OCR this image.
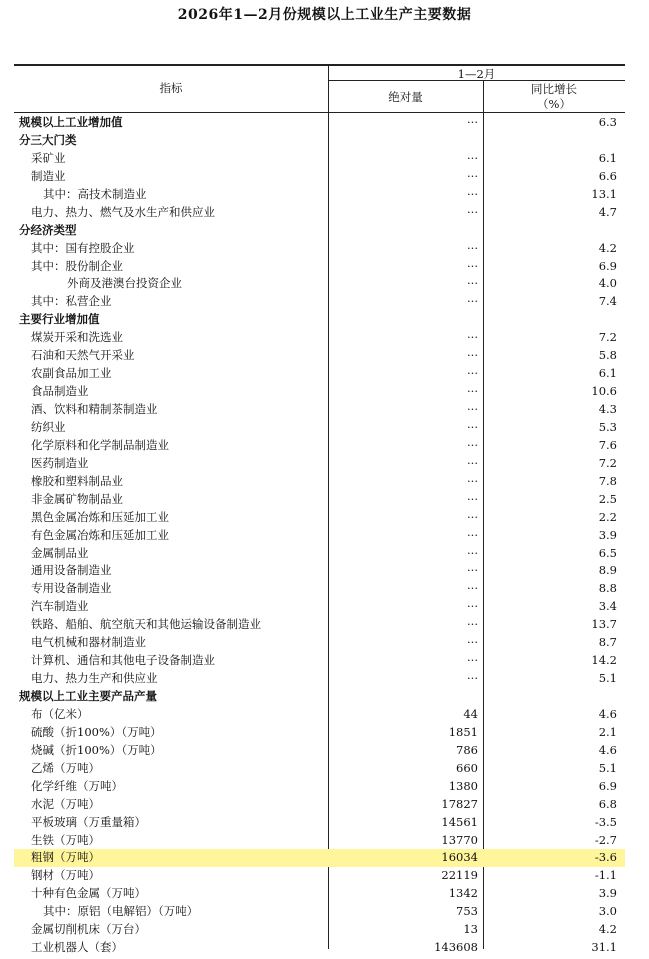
2026年1—2月份规模以上工业生产主要数据
指标
1—2月
绝对量
同比增长
（%）
规模以上工业增加值	···	6.3
分三大门类
采矿业	···	6.1
制造业	···	6.6
其中：高技术制造业	···	13.1
电力、热力、燃气及水生产和供应业	···	4.7
分经济类型
其中：国有控股企业	···	4.2
其中：股份制企业	···	6.9
外商及港澳台投资企业	···	4.0
其中：私营企业	···	7.4
主要行业增加值
煤炭开采和洗选业	···	7.2
石油和天然气开采业	···	5.8
农副食品加工业	···	6.1
食品制造业	···	10.6
酒、饮料和精制茶制造业	···	4.3
纺织业	···	5.3
化学原料和化学制品制造业	···	7.6
医药制造业	···	7.2
橡胶和塑料制品业	···	7.8
非金属矿物制品业	···	2.5
黑色金属冶炼和压延加工业	···	2.2
有色金属冶炼和压延加工业	···	3.9
金属制品业	···	6.5
通用设备制造业	···	8.9
专用设备制造业	···	8.8
汽车制造业	···	3.4
铁路、船舶、航空航天和其他运输设备制造业	···	13.7
电气机械和器材制造业	···	8.7
计算机、通信和其他电子设备制造业	···	14.2
电力、热力生产和供应业	···	5.1
规模以上工业主要产品产量
布（亿米）	44	4.6
硫酸（折100%）（万吨）	1851	2.1
烧碱（折100%）（万吨）	786	4.6
乙烯（万吨）	660	5.1
化学纤维（万吨）	1380	6.9
水泥（万吨）	17827	6.8
平板玻璃（万重量箱）	14561	-3.5
生铁（万吨）	13770	-2.7
粗钢（万吨）	16034	-3.6
钢材（万吨）	22119	-1.1
十种有色金属（万吨）	1342	3.9
其中：原铝（电解铝）（万吨）	753	3.0
金属切削机床（万台）	13	4.2
工业机器人（套）	143608	31.1
